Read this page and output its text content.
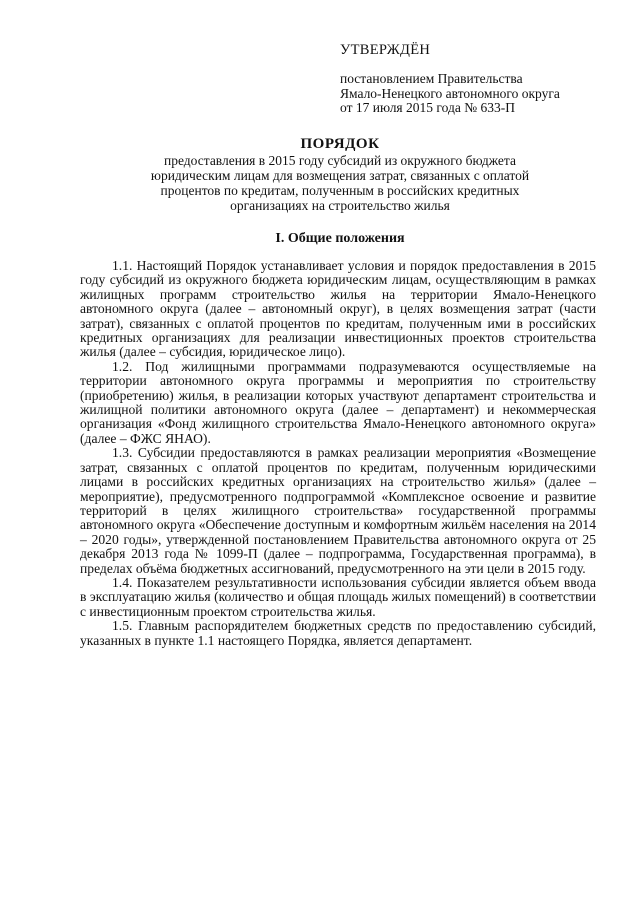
УТВЕРЖДЁН
постановлением Правительства
Ямало-Ненецкого автономного округа
от 17 июля 2015 года № 633-П
ПОРЯДОК
предоставления в 2015 году субсидий из окружного бюджета
юридическим лицам для возмещения затрат, связанных с оплатой
процентов по кредитам, полученным в российских кредитных
организациях на строительство жилья
I. Общие положения

1.1. Настоящий Порядок устанавливает условия и порядок предоставления в 2015 году субсидий из окружного бюджета юридическим лицам, осуществляющим в рамках жилищных программ строительство жилья на территории Ямало-Ненецкого автономного округа (далее – автономный округ), в целях возмещения затрат (части затрат), связанных с оплатой процентов по кредитам, полученным ими в российских кредитных организациях для реализации инвестиционных проектов строительства жилья (далее – субсидия, юридическое лицо).

1.2. Под жилищными программами подразумеваются осуществляемые на территории автономного округа программы и мероприятия по строительству (приобретению) жилья, в реализации которых участвуют департамент строительства и жилищной политики автономного округа (далее – департамент) и некоммерческая организация «Фонд жилищного строительства Ямало-Ненецкого автономного округа» (далее – ФЖС ЯНАО).

1.3. Субсидии предоставляются в рамках реализации мероприятия «Возмещение затрат, связанных с оплатой процентов по кредитам, полученным юридическими лицами в российских кредитных организациях на строительство жилья» (далее – мероприятие), предусмотренного подпрограммой «Комплексное освоение и развитие территорий в целях жилищного строительства» государственной программы автономного округа «Обеспечение доступным и комфортным жильём населения на 2014 – 2020 годы», утвержденной постановлением Правительства автономного округа от 25 декабря 2013 года № 1099-П (далее – подпрограмма, Государственная программа), в пределах объёма бюджетных ассигнований, предусмотренного на эти цели в 2015 году.

1.4. Показателем результативности использования субсидии является объем ввода в эксплуатацию жилья (количество и общая площадь жилых помещений) в соответствии с инвестиционным проектом строительства жилья.

1.5. Главным распорядителем бюджетных средств по предоставлению субсидий, указанных в пункте 1.1 настоящего Порядка, является департамент.
